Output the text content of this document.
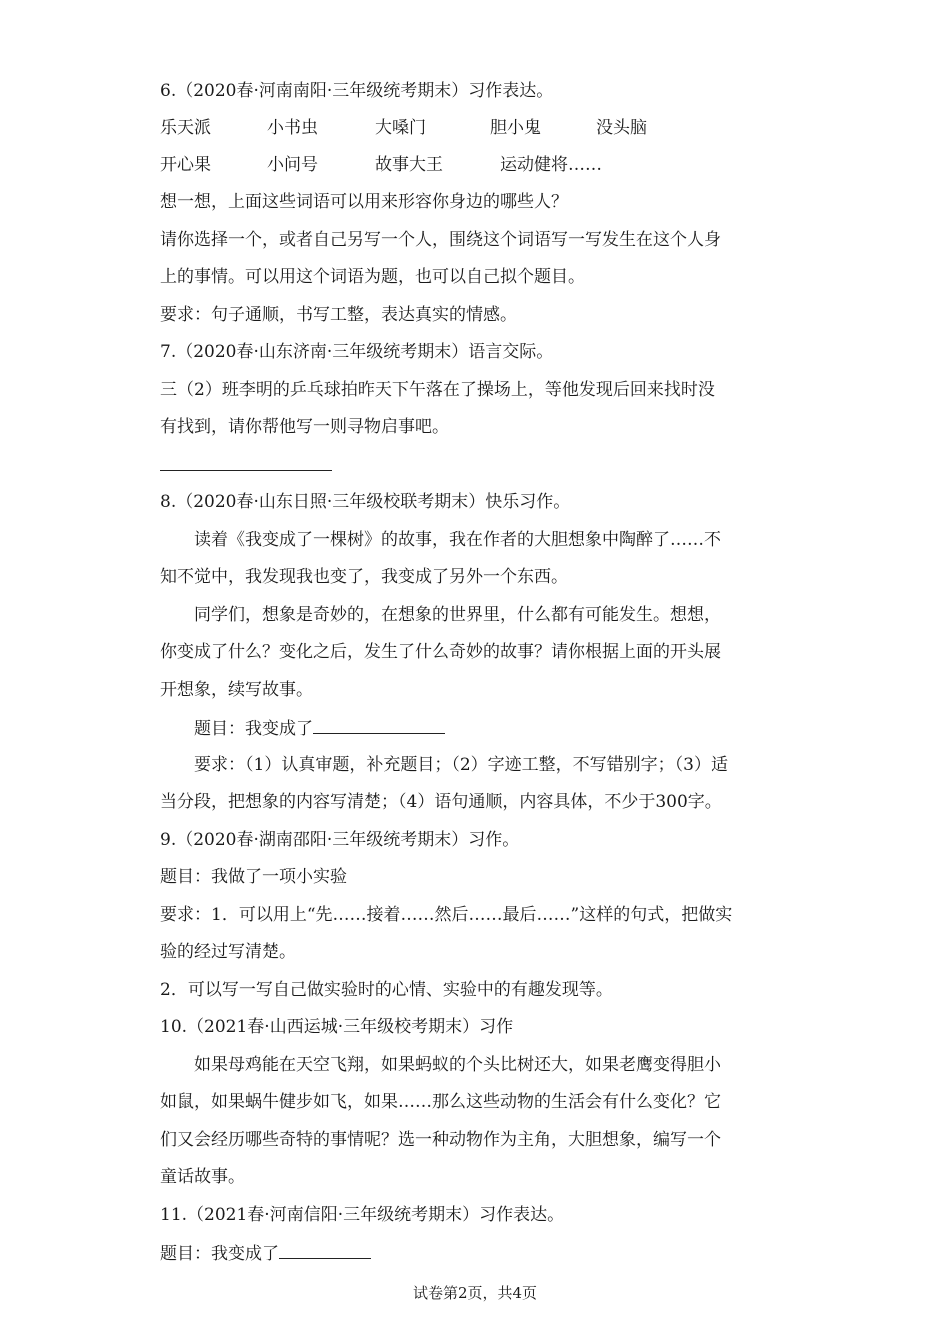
6.（2020春·河南南阳·三年级统考期末）习作表达。
乐天派	小书虫	大嗓门	胆小鬼	没头脑
开心果	小问号	故事大王	运动健将……
想一想，上面这些词语可以用来形容你身边的哪些人？
请你选择一个，或者自己另写一个人，围绕这个词语写一写发生在这个人身
上的事情。可以用这个词语为题，也可以自己拟个题目。
要求：句子通顺，书写工整，表达真实的情感。
7.（2020春·山东济南·三年级统考期末）语言交际。
三（2）班李明的乒乓球拍昨天下午落在了操场上，等他发现后回来找时没
有找到，请你帮他写一则寻物启事吧。
8.（2020春·山东日照·三年级校联考期末）快乐习作。
读着《我变成了一棵树》的故事，我在作者的大胆想象中陶醉了……不
知不觉中，我发现我也变了，我变成了另外一个东西。
同学们，想象是奇妙的，在想象的世界里，什么都有可能发生。想想，
你变成了什么？变化之后，发生了什么奇妙的故事？请你根据上面的开头展
开想象，续写故事。
题目：我变成了
要求：（1）认真审题，补充题目；（2）字迹工整，不写错别字；（3）适
当分段，把想象的内容写清楚；（4）语句通顺，内容具体，不少于300字。
9.（2020春·湖南邵阳·三年级统考期末）习作。
题目：我做了一项小实验
要求：1．可以用上“先……接着……然后……最后……”这样的句式，把做实
验的经过写清楚。
2．可以写一写自己做实验时的心情、实验中的有趣发现等。
10.（2021春·山西运城·三年级校考期末）习作
如果母鸡能在天空飞翔，如果蚂蚁的个头比树还大，如果老鹰变得胆小
如鼠，如果蜗牛健步如飞，如果……那么这些动物的生活会有什么变化？它
们又会经历哪些奇特的事情呢？选一种动物作为主角，大胆想象，编写一个
童话故事。
11.（2021春·河南信阳·三年级统考期末）习作表达。
题目：我变成了
试卷第2页，共4页
